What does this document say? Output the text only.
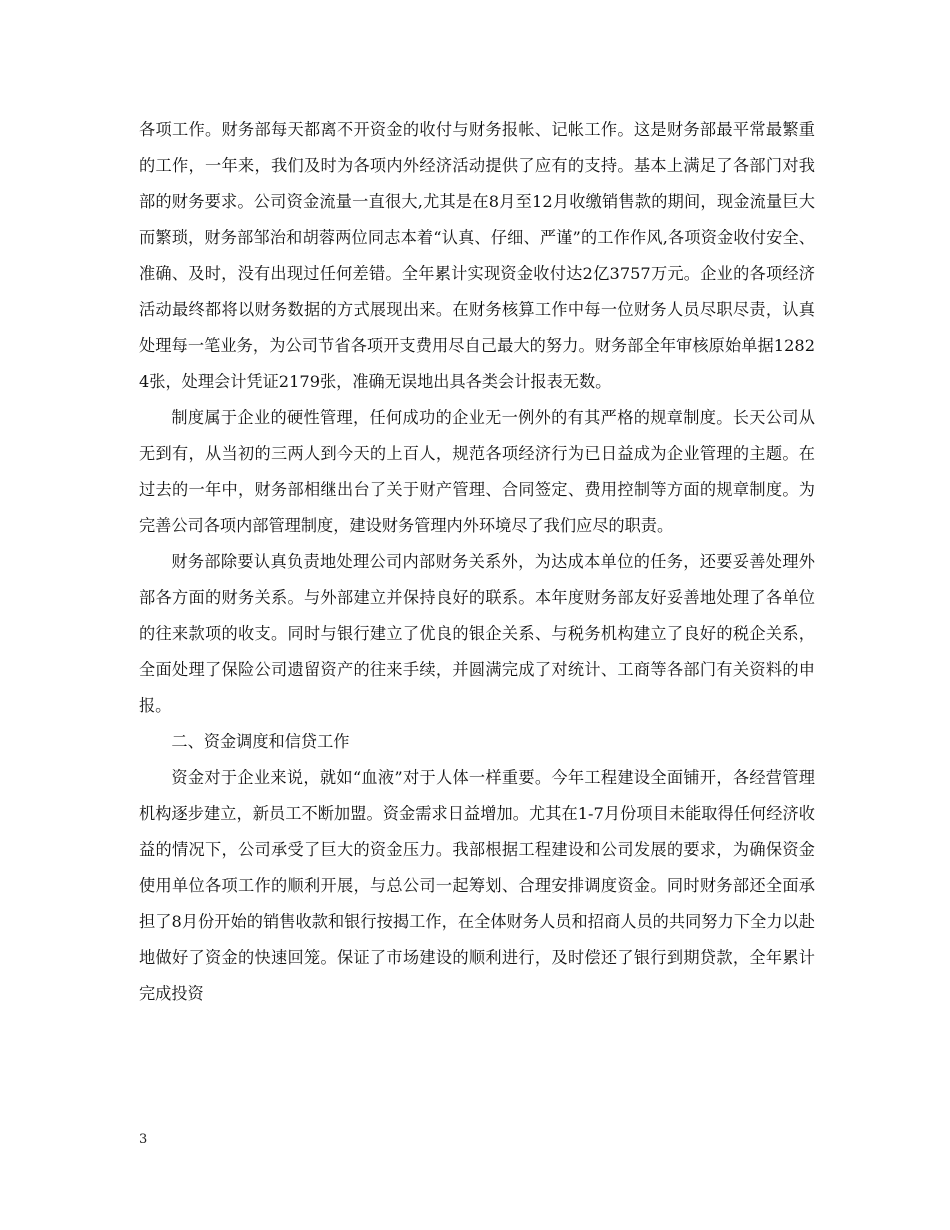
各项工作。财务部每天都离不开资金的收付与财务报帐、记帐工作。这是财务部最平常最繁重的工作，一年来，我们及时为各项内外经济活动提供了应有的支持。基本上满足了各部门对我部的财务要求。公司资金流量一直很大,尤其是在8月至12月收缴销售款的期间，现金流量巨大而繁琐，财务部邹治和胡蓉两位同志本着“认真、仔细、严谨”的工作作风,各项资金收付安全、准确、及时，没有出现过任何差错。全年累计实现资金收付达2亿3757万元。企业的各项经济活动最终都将以财务数据的方式展现出来。在财务核算工作中每一位财务人员尽职尽责，认真处理每一笔业务，为公司节省各项开支费用尽自己最大的努力。财务部全年审核原始单据12824张，处理会计凭证2179张，准确无误地出具各类会计报表无数。

制度属于企业的硬性管理，任何成功的企业无一例外的有其严格的规章制度。长天公司从无到有，从当初的三两人到今天的上百人，规范各项经济行为已日益成为企业管理的主题。在过去的一年中，财务部相继出台了关于财产管理、合同签定、费用控制等方面的规章制度。为完善公司各项内部管理制度，建设财务管理内外环境尽了我们应尽的职责。

财务部除要认真负责地处理公司内部财务关系外，为达成本单位的任务，还要妥善处理外部各方面的财务关系。与外部建立并保持良好的联系。本年度财务部友好妥善地处理了各单位的往来款项的收支。同时与银行建立了优良的银企关系、与税务机构建立了良好的税企关系，全面处理了保险公司遗留资产的往来手续，并圆满完成了对统计、工商等各部门有关资料的申报。

二、资金调度和信贷工作

资金对于企业来说，就如“血液”对于人体一样重要。今年工程建设全面铺开，各经营管理机构逐步建立，新员工不断加盟。资金需求日益增加。尤其在1-7月份项目未能取得任何经济收益的情况下，公司承受了巨大的资金压力。我部根据工程建设和公司发展的要求，为确保资金使用单位各项工作的顺利开展，与总公司一起筹划、合理安排调度资金。同时财务部还全面承担了8月份开始的销售收款和银行按揭工作，在全体财务人员和招商人员的共同努力下全力以赴地做好了资金的快速回笼。保证了市场建设的顺利进行，及时偿还了银行到期贷款，全年累计完成投资

3
